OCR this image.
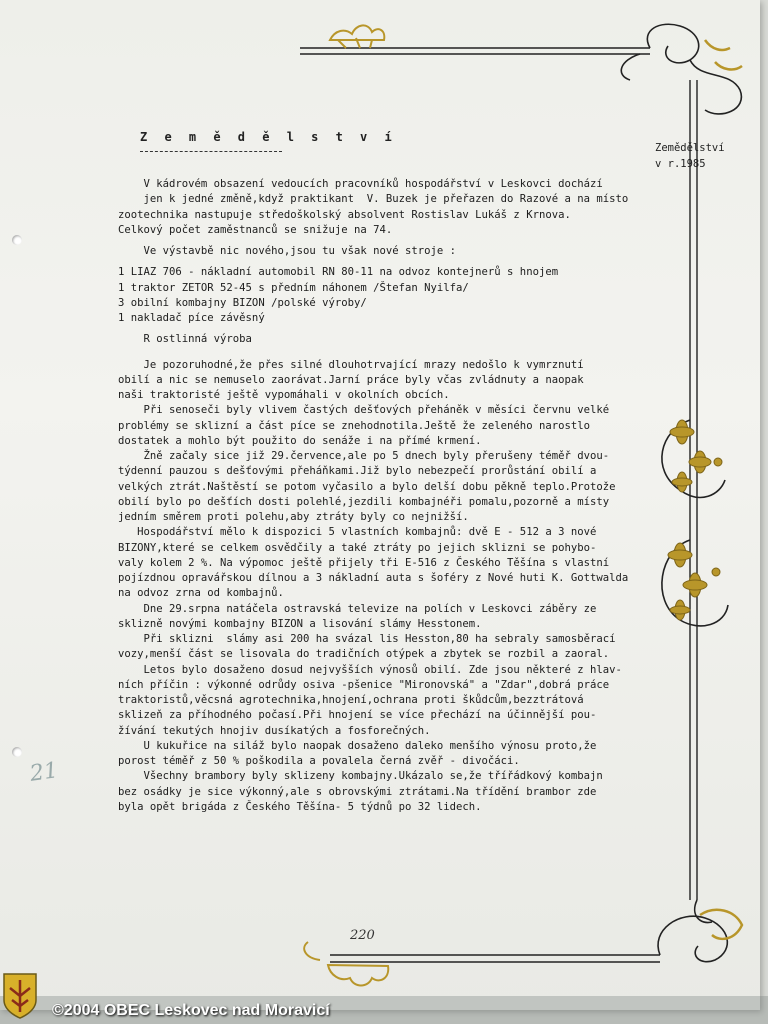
Z e m ě d ě l s t v í
Zemědělství
v r.1985
V kádrovém obsazení vedoucích pracovníků hospodářství v Leskovci dochází
jen k jedné změně,když praktikant  V. Buzek je přeřazen do Razové a na místo
zootechnika nastupuje středoškolský absolvent Rostislav Lukáš z Krnova.
Celkový počet zaměstnanců se snižuje na 74.
Ve výstavbě nic nového,jsou tu však nové stroje :
1 LIAZ 706 - nákladní automobil RN 80-11 na odvoz kontejnerů s hnojem
1 traktor ZETOR 52-45 s předním náhonem /Štefan Nyilfa/
3 obilní kombajny BIZON /polské výroby/
1 nakladač píce závěsný
R ostlinná výroba
Je pozoruhodné,že přes silné dlouhotrvající mrazy nedošlo k vymrznutí
obilí a nic se nemuselo zaorávat.Jarní práce byly včas zvládnuty a naopak
naši traktoristé ještě vypomáhali v okolních obcích.
Při senoseči byly vlivem častých dešťových přeháněk v měsíci červnu velké
problémy se sklizní a část píce se znehodnotila.Ještě že zeleného narostlo
dostatek a mohlo být použito do senáže i na přímé krmení.
Žně začaly sice již 29.července,ale po 5 dnech byly přerušeny téměř dvou-
týdenní pauzou s dešťovými přeháňkami.Již bylo nebezpečí prorůstání obilí a
velkých ztrát.Naštěstí se potom vyčasilo a bylo delší dobu pěkně teplo.Protože
obilí bylo po dešťích dosti polehlé,jezdili kombajnéři pomalu,pozorně a místy
jedním směrem proti polehu,aby ztráty byly co nejnižší.
Hospodářství mělo k dispozici 5 vlastních kombajnů: dvě E - 512 a 3 nové
BIZONY,které se celkem osvědčily a také ztráty po jejich sklizni se pohybo-
valy kolem 2 %. Na výpomoc ještě přijely tři E-516 z Českého Těšína s vlastní
pojízdnou opravářskou dílnou a 3 nákladní auta s šoféry z Nové huti K. Gottwalda
na odvoz zrna od kombajnů.
Dne 29.srpna natáčela ostravská televize na polích v Leskovci záběry ze
sklizně novými kombajny BIZON a lisování slámy Hesstonem.
Při sklizni  slámy asi 200 ha svázal lis Hesston,80 ha sebraly samosběrací
vozy,menší část se lisovala do tradičních otýpek a zbytek se rozbil a zaoral.
Letos bylo dosaženo dosud nejvyšších výnosů obilí. Zde jsou některé z hlav-
ních příčin : výkonné odrůdy osiva -pšenice "Mironovská" a "Zdar",dobrá práce
traktoristů,věcsná agrotechnika,hnojení,ochrana proti škůdcům,bezztrátová
sklizeň za příhodného počasí.Při hnojení se více přechází na účinnější pou-
žívání tekutých hnojiv dusíkatých a fosforečných.
U kukuřice na siláž bylo naopak dosaženo daleko menšího výnosu proto,že
porost téměř z 50 % poškodila a povalela černá zvěř - divočáci.
Všechny brambory byly sklizeny kombajny.Ukázalo se,že třířádkový kombajn
bez osádky je sice výkonný,ale s obrovskými ztrátami.Na třídění brambor zde
byla opět brigáda z Českého Těšína- 5 týdnů po 32 lidech.
220
21
©2004 OBEC Leskovec nad Moravicí
